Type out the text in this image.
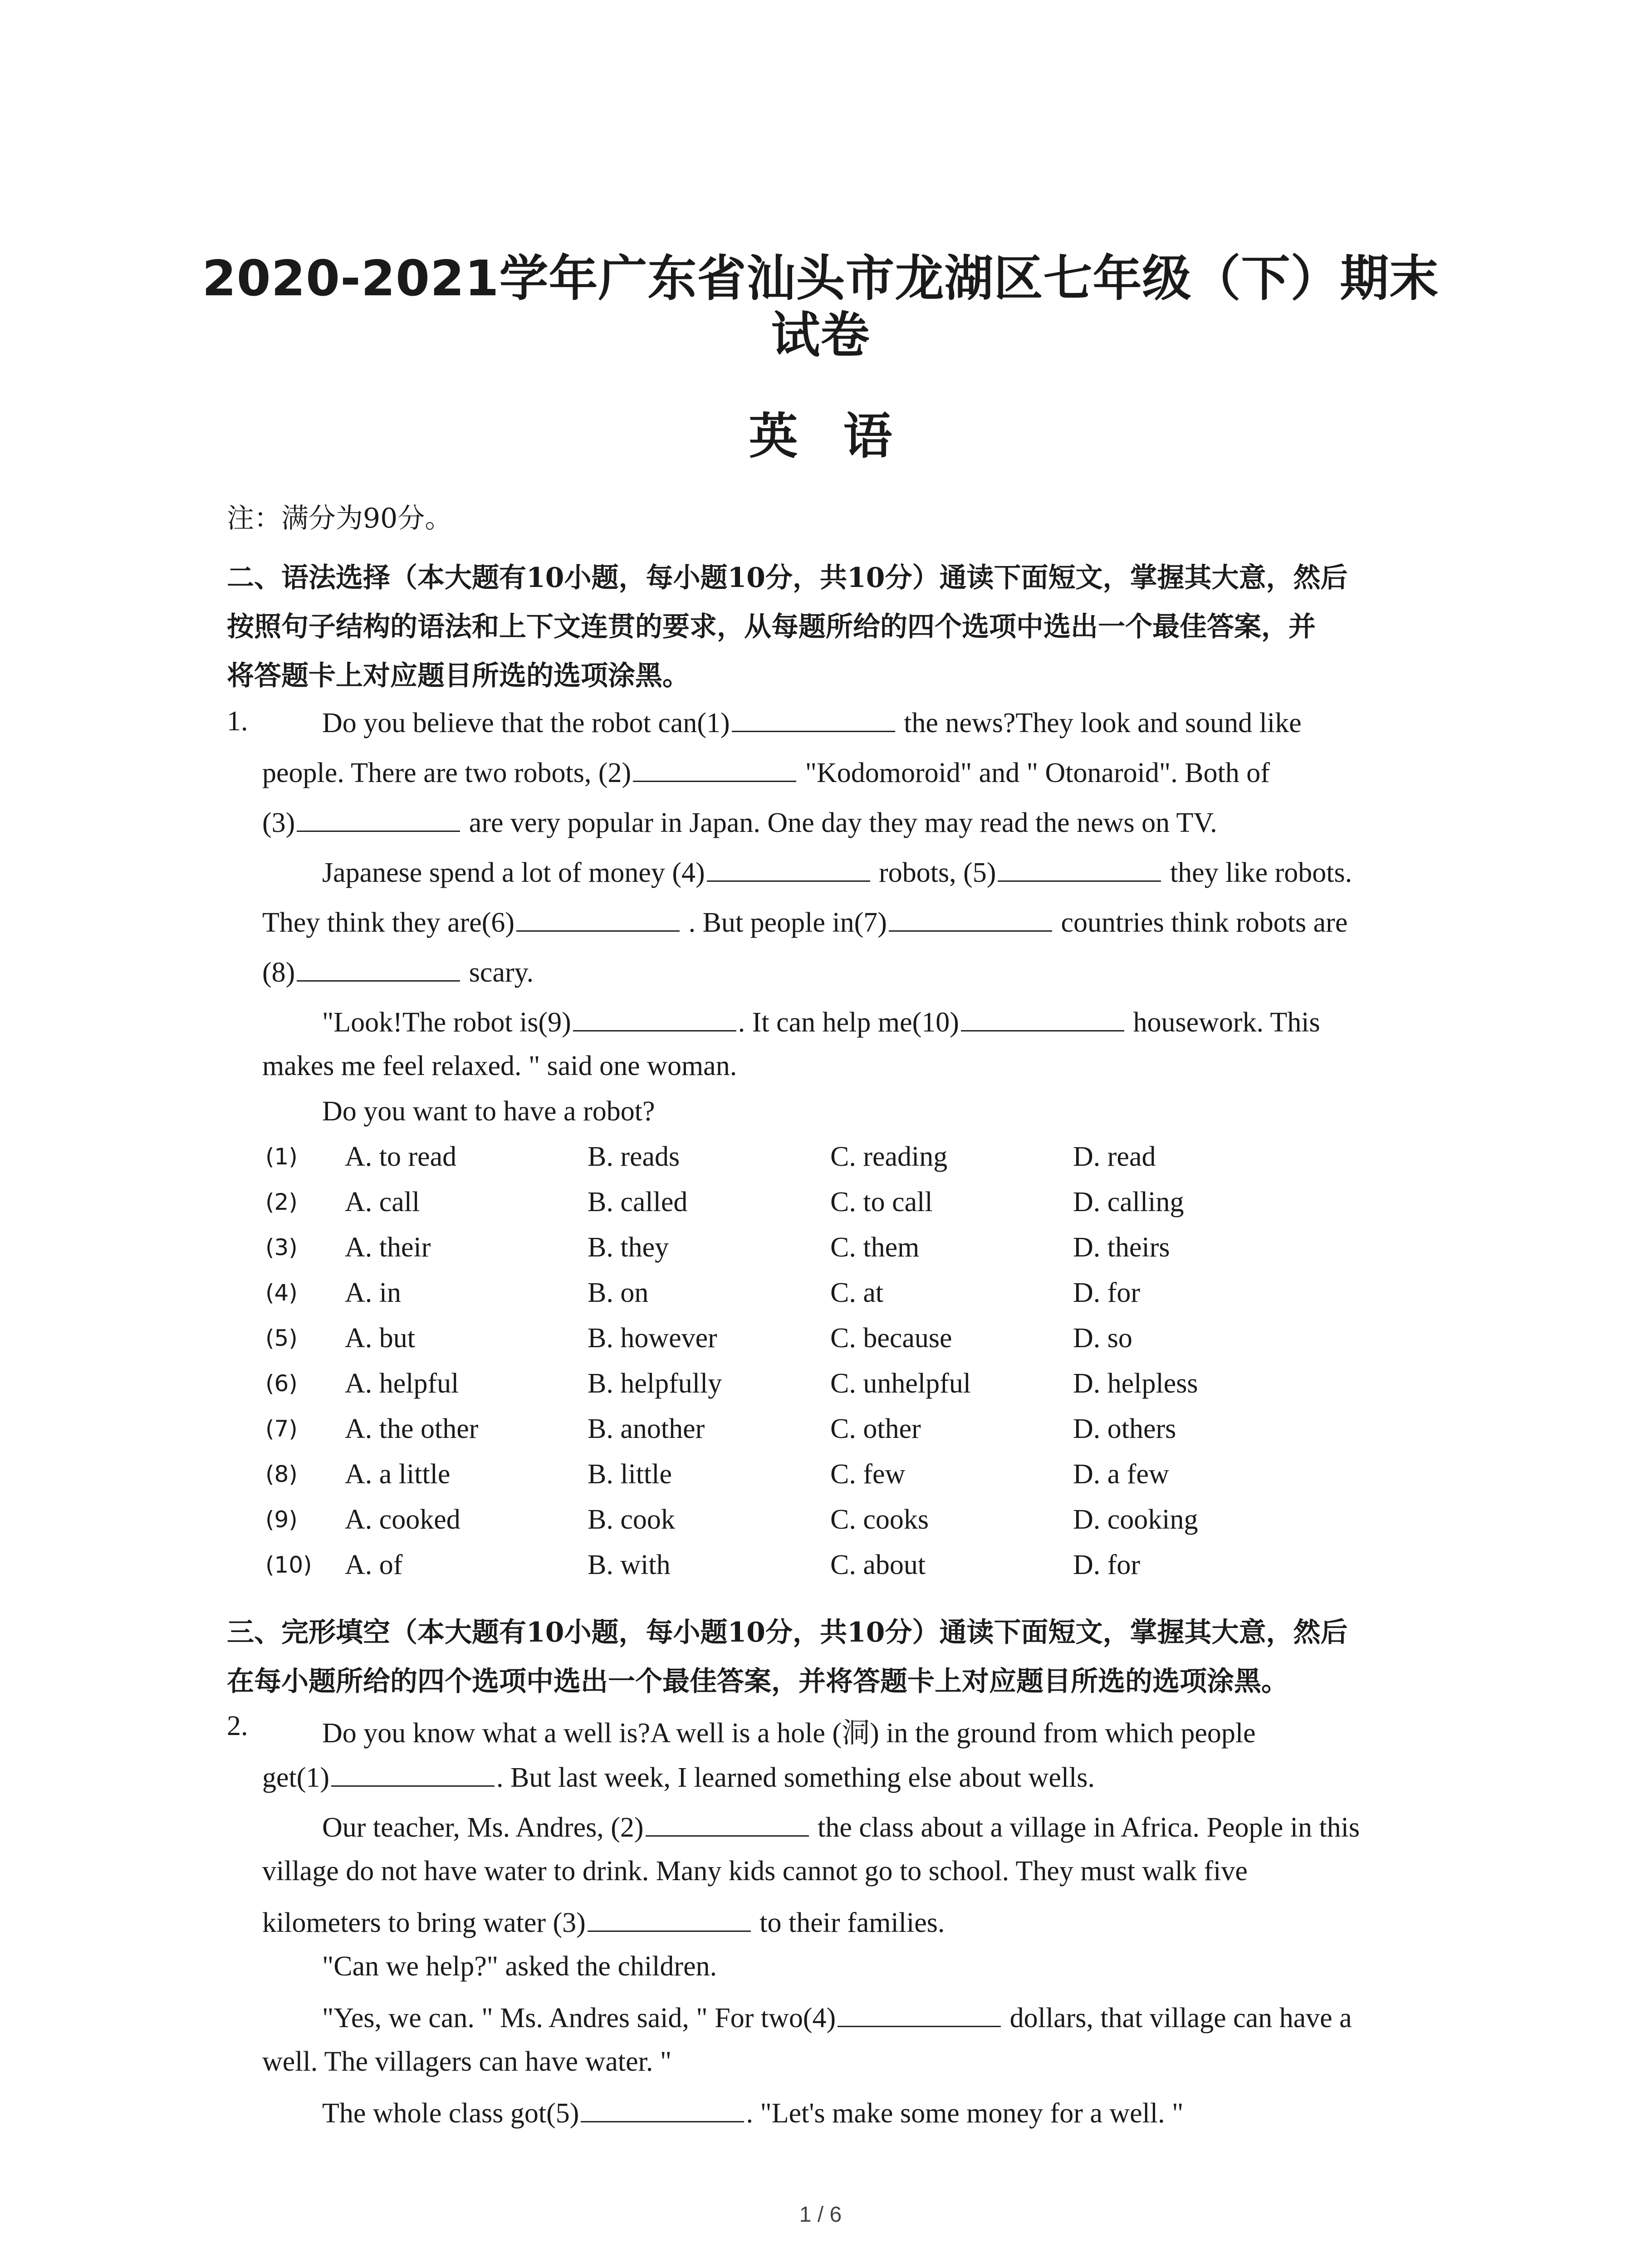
2020-2021学年广东省汕头市龙湖区七年级（下）期末
试卷
英语
注：满分为90分。
二、语法选择（本大题有10小题，每小题10分，共10分）通读下面短文，掌握其大意，然后
按照句子结构的语法和上下文连贯的要求，从每题所给的四个选项中选出一个最佳答案，并
将答题卡上对应题目所选的选项涂黑。
1.	Do you believe that the robot can(1)	the news?They look and sound like
people. There are two robots, (2)	"Kodomoroid" and " Otonaroid". Both of
(3)	are very popular in Japan. One day they may read the news on TV.
Japanese spend a lot of money (4)	robots, (5)	they like robots.
They think they are(6)	. But people in(7)	countries think robots are
(8)	scary.
"Look!The robot is(9)	. It can help me(10)	housework. This
makes me feel relaxed. " said one woman.
Do you want to have a robot?
(1) A. to read	B. reads	C. reading	D. read
(2) A. call	B. called	C. to call	D. calling
(3) A. their	B. they	C. them	D. theirs
(4) A. in	B. on	C. at	D. for
(5) A. but	B. however	C. because	D. so
(6) A. helpful	B. helpfully	C. unhelpful	D. helpless
(7) A. the other	B. another	C. other	D. others
(8) A. a little	B. little	C. few	D. a few
(9) A. cooked	B. cook	C. cooks	D. cooking
(10) A. of	B. with	C. about	D. for
三、完形填空（本大题有10小题，每小题10分，共10分）通读下面短文，掌握其大意，然后
在每小题所给的四个选项中选出一个最佳答案，并将答题卡上对应题目所选的选项涂黑。
2.	Do you know what a well is?A well is a hole (洞) in the ground from which people
get(1)	. But last week, I learned something else about wells.
Our teacher, Ms. Andres, (2)	the class about a village in Africa. People in this
village do not have water to drink. Many kids cannot go to school. They must walk five
kilometers to bring water (3)	to their families.
"Can we help?" asked the children.
"Yes, we can. " Ms. Andres said, " For two(4)	dollars, that village can have a
well. The villagers can have water. "
The whole class got(5)	. "Let's make some money for a well. "
1 / 6
